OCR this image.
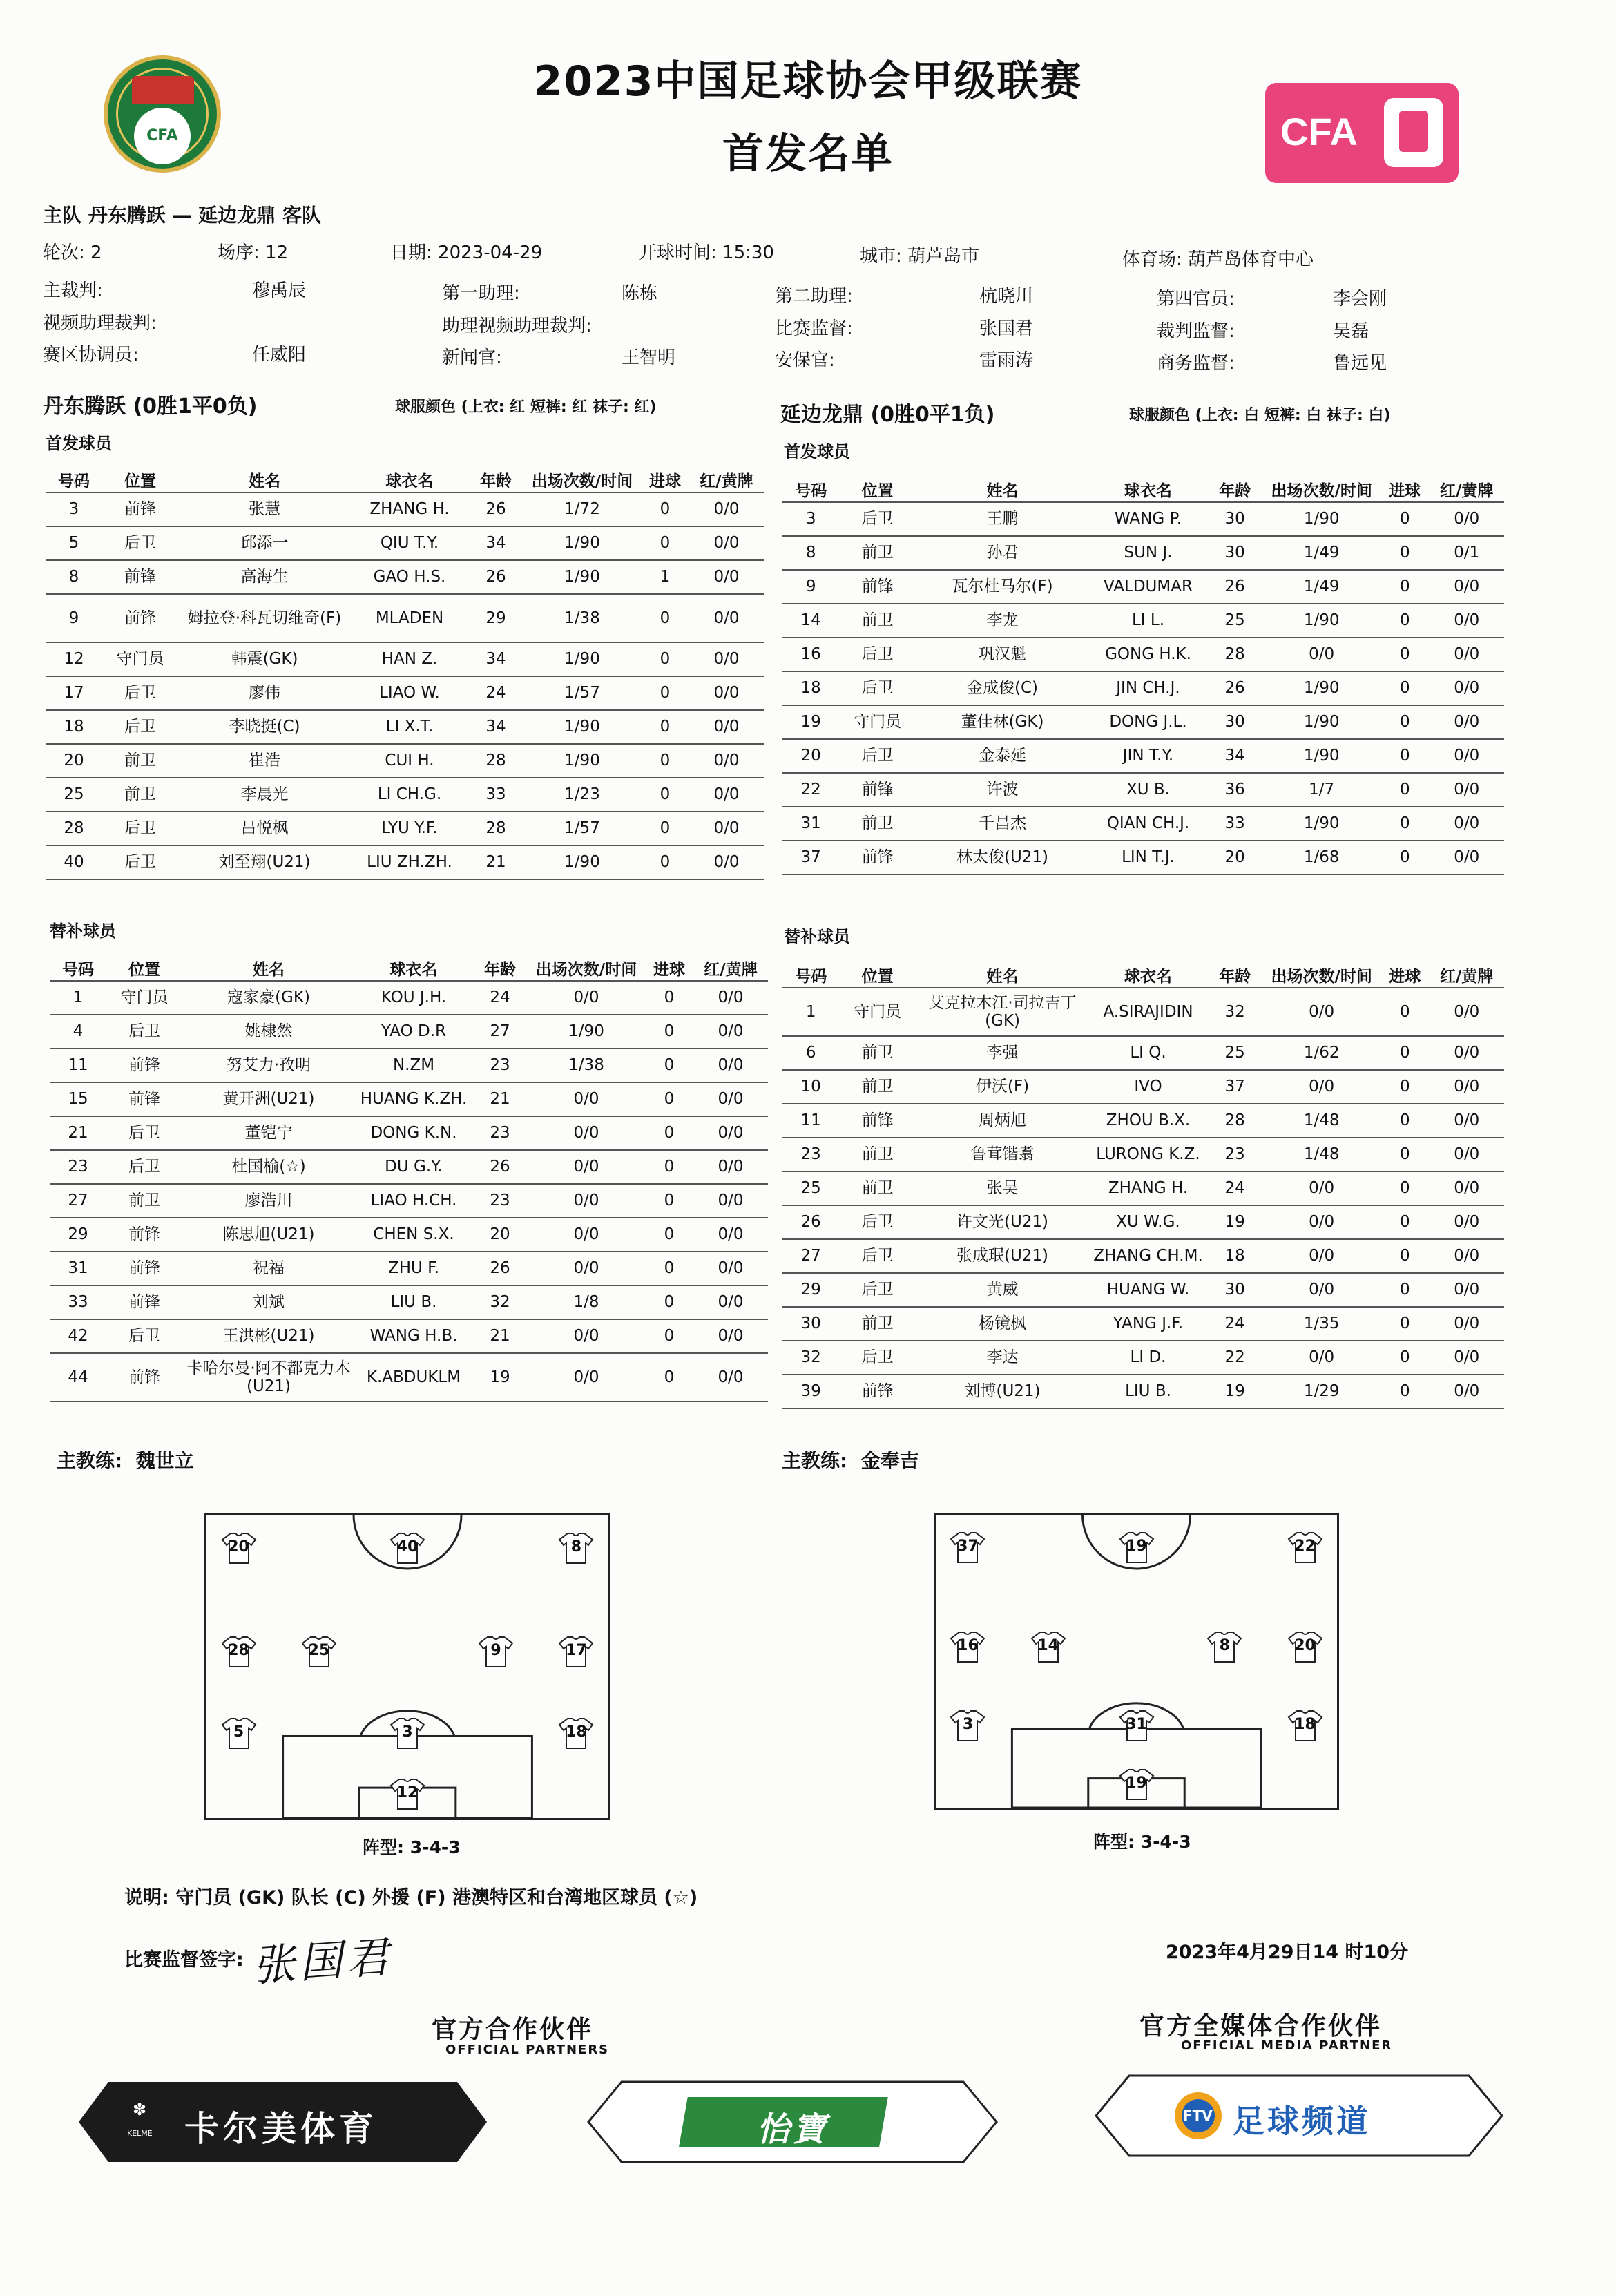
CFA
2023中国足球协会甲级联赛
首发名单	CFA
主队 丹东腾跃 — 延边龙鼎 客队
轮次: 2	场序: 12	日期: 2023-04-29	开球时间: 15:30	城市: 葫芦岛市	体育场: 葫芦岛体育中心
主裁判:	穆禹辰	第一助理:	陈栋	第二助理:	杭晓川	第四官员:	李会刚
视频助理裁判:	助理视频助理裁判:	比赛监督:	张国君	裁判监督:	吴磊
赛区协调员:	任威阳	新闻官:	王智明	安保官:	雷雨涛	商务监督:	鲁远见
丹东腾跃 (0胜1平0负)	球服颜色 (上衣: 红 短裤: 红 袜子: 红)	延边龙鼎 (0胜0平1负)	球服颜色 (上衣: 白 短裤: 白 袜子: 白)
首发球员	首发球员
号码	位置	姓名	球衣名	年龄	出场次数/时间	进球	红/黄牌
3	前锋	张慧	ZHANG H.	26	1/72	0	0/0
5	后卫	邱添一	QIU T.Y.	34	1/90	0	0/0
8	前锋	高海生	GAO H.S.	26	1/90	1	0/0
9	前锋	姆拉登·科瓦切维奇(F)	MLADEN	29	1/38	0	0/0
12	守门员	韩震(GK)	HAN Z.	34	1/90	0	0/0
17	后卫	廖伟	LIAO W.	24	1/57	0	0/0
18	后卫	李晓挺(C)	LI X.T.	34	1/90	0	0/0
20	前卫	崔浩	CUI H.	28	1/90	0	0/0
25	前卫	李晨光	LI CH.G.	33	1/23	0	0/0
28	后卫	吕悦枫	LYU Y.F.	28	1/57	0	0/0
40	后卫	刘至翔(U21)	LIU ZH.ZH.	21	1/90	0	0/0
号码	位置	姓名	球衣名	年龄	出场次数/时间	进球	红/黄牌
3	后卫	王鹏	WANG P.	30	1/90	0	0/0
8	前卫	孙君	SUN J.	30	1/49	0	0/1
9	前锋	瓦尔杜马尔(F)	VALDUMAR	26	1/49	0	0/0
14	前卫	李龙	LI L.	25	1/90	0	0/0
16	后卫	巩汉魁	GONG H.K.	28	0/0	0	0/0
18	后卫	金成俊(C)	JIN CH.J.	26	1/90	0	0/0
19	守门员	董佳林(GK)	DONG J.L.	30	1/90	0	0/0
20	后卫	金泰延	JIN T.Y.	34	1/90	0	0/0
22	前锋	许波	XU B.	36	1/7	0	0/0
31	前卫	千昌杰	QIAN CH.J.	33	1/90	0	0/0
37	前锋	林太俊(U21)	LIN T.J.	20	1/68	0	0/0
替补球员	替补球员
号码	位置	姓名	球衣名	年龄	出场次数/时间	进球	红/黄牌
1	守门员	寇家豪(GK)	KOU J.H.	24	0/0	0	0/0
4	后卫	姚棣然	YAO D.R	27	1/90	0	0/0
11	前锋	努艾力·孜明	N.ZM	23	1/38	0	0/0
15	前锋	黄开洲(U21)	HUANG K.ZH.	21	0/0	0	0/0
21	后卫	董铠宁	DONG K.N.	23	0/0	0	0/0
23	后卫	杜国榆(☆)	DU G.Y.	26	0/0	0	0/0
27	前卫	廖浩川	LIAO H.CH.	23	0/0	0	0/0
29	前锋	陈思旭(U21)	CHEN S.X.	20	0/0	0	0/0
31	前锋	祝福	ZHU F.	26	0/0	0	0/0
33	前锋	刘斌	LIU B.	32	1/8	0	0/0
42	后卫	王洪彬(U21)	WANG H.B.	21	0/0	0	0/0
44	前锋	卡哈尔曼·阿不都克力木(U21)	K.ABDUKLM	19	0/0	0	0/0
号码	位置	姓名	球衣名	年龄	出场次数/时间	进球	红/黄牌
1	守门员	艾克拉木江·司拉吉丁(GK)	A.SIRAJIDIN	32	0/0	0	0/0
6	前卫	李强	LI Q.	25	1/62	0	0/0
10	前卫	伊沃(F)	IVO	37	0/0	0	0/0
11	前锋	周炳旭	ZHOU B.X.	28	1/48	0	0/0
23	前卫	鲁茸锴翥	LURONG K.Z.	23	1/48	0	0/0
25	前卫	张昊	ZHANG H.	24	0/0	0	0/0
26	后卫	许文光(U21)	XU W.G.	19	0/0	0	0/0
27	后卫	张成珉(U21)	ZHANG CH.M.	18	0/0	0	0/0
29	后卫	黄威	HUANG W.	30	0/0	0	0/0
30	前卫	杨镜枫	YANG J.F.	24	1/35	0	0/0
32	后卫	李达	LI D.	22	0/0	0	0/0
39	前锋	刘博(U21)	LIU B.	19	1/29	0	0/0
主教练: 魏世立	主教练: 金奉吉
20	40	8
28	25	9	17
5	3	18
12
37	19	22
16	14	8	20
3	31	18
19
阵型: 3-4-3	阵型: 3-4-3
说明: 守门员 (GK) 队长 (C) 外援 (F) 港澳特区和台湾地区球员 (☆)
比赛监督签字: 张国君	2023年4月29日14 时10分
官方合作伙伴
OFFICIAL PARTNERS
官方全媒体合作伙伴
OFFICIAL MEDIA PARTNER
✽
KELME 卡尔美体育	怡寶	FTV 足球频道
